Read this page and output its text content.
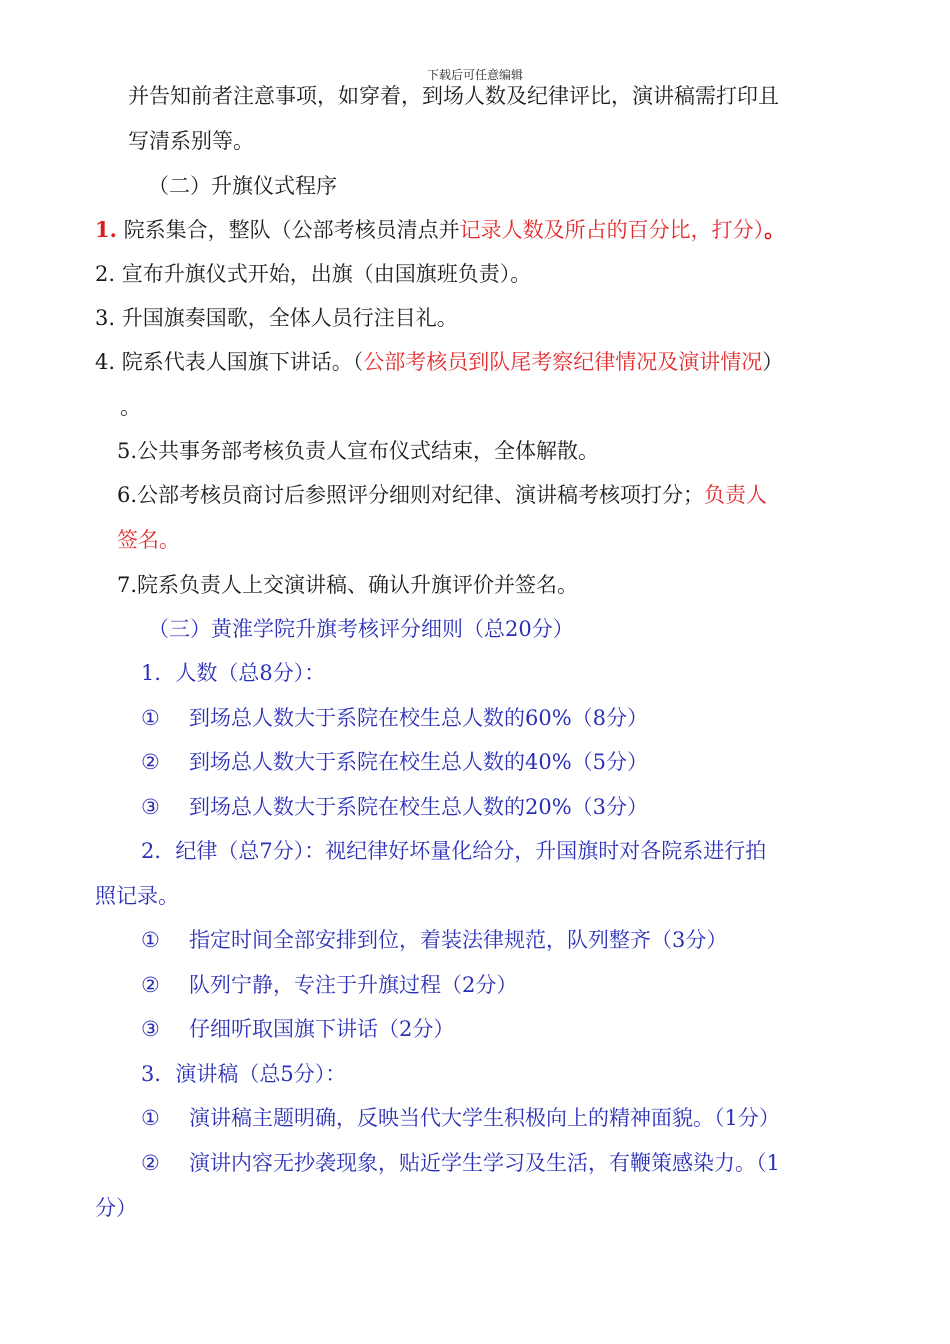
下载后可任意编辑
并告知前者注意事项，如穿着，到场人数及纪律评比，演讲稿需打印且
写清系别等。
（二）升旗仪式程序
1. 院系集合，整队（公部考核员清点并记录人数及所占的百分比，打分）。
2. 宣布升旗仪式开始，出旗（由国旗班负责）。
3. 升国旗奏国歌，全体人员行注目礼。
4. 院系代表人国旗下讲话。（公部考核员到队尾考察纪律情况及演讲情况）
。
5.公共事务部考核负责人宣布仪式结束，全体解散。
6.公部考核员商讨后参照评分细则对纪律、演讲稿考核项打分；负责人
签名。
7.院系负责人上交演讲稿、确认升旗评价并签名。
（三）黄淮学院升旗考核评分细则（总20分）
1．人数（总8分）：
① 到场总人数大于系院在校生总人数的60%（8分）
② 到场总人数大于系院在校生总人数的40%（5分）
③ 到场总人数大于系院在校生总人数的20%（3分）
2．纪律（总7分）：视纪律好坏量化给分，升国旗时对各院系进行拍
照记录。
① 指定时间全部安排到位，着装法律规范，队列整齐（3分）
② 队列宁静，专注于升旗过程（2分）
③ 仔细听取国旗下讲话（2分）
3．演讲稿（总5分）：
① 演讲稿主题明确，反映当代大学生积极向上的精神面貌。（1分）
② 演讲内容无抄袭现象，贴近学生学习及生活，有鞭策感染力。（1
分）
